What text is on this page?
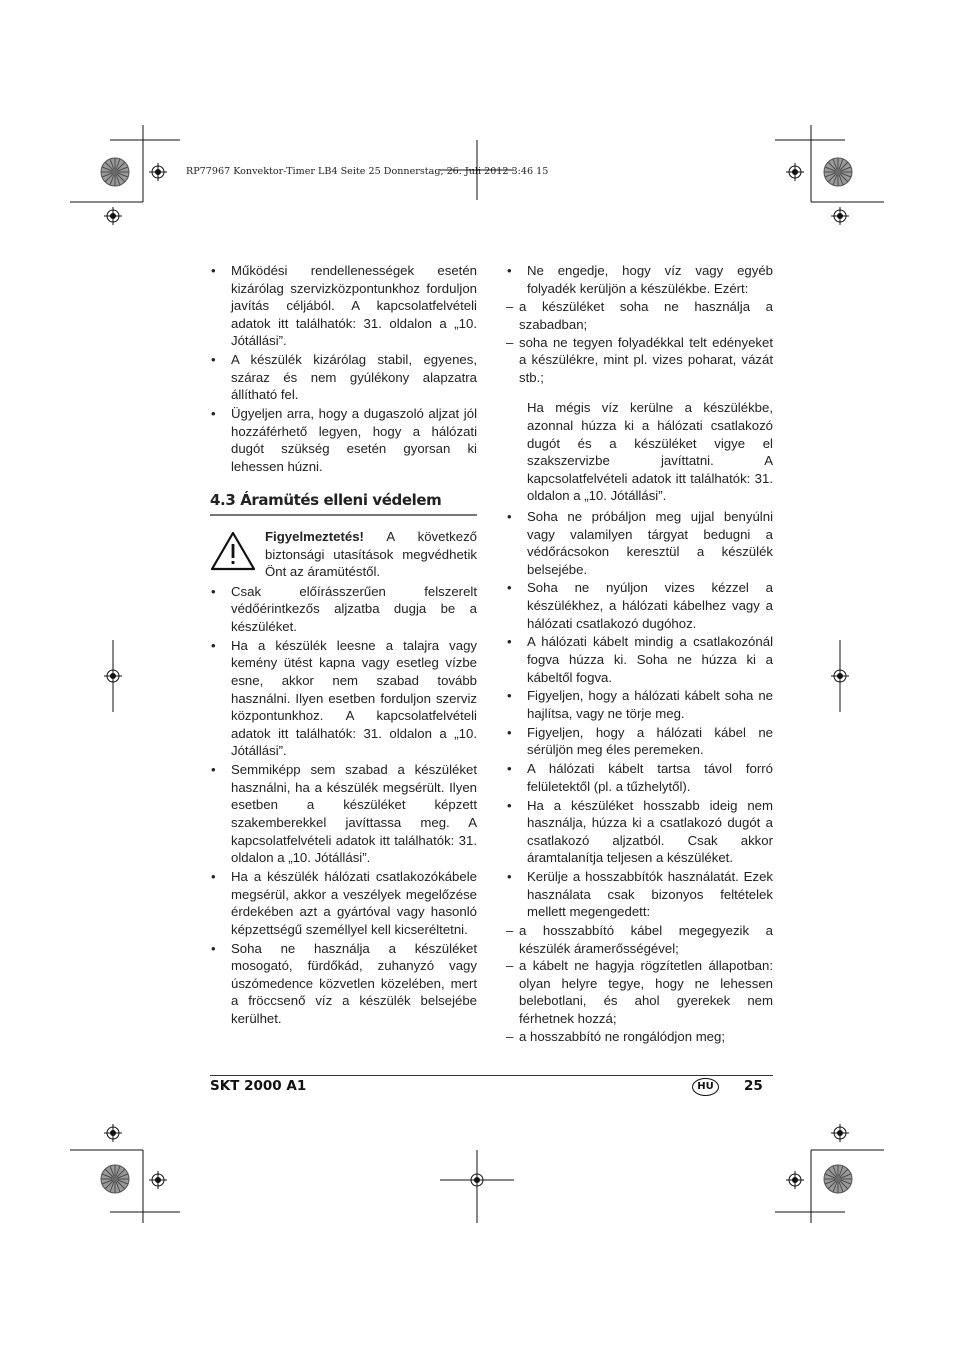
RP77967 Konvektor-Timer LB4 Seite 25 Donnerstag, 26. Juli 2012 3:46 15
• Működési rendellenességek esetén kizárólag szervizközpontunkhoz forduljon javítás céljából. A kapcsolatfelvételi adatok itt találhatók: 31. oldalon a „10. Jótállási”.
• A készülék kizárólag stabil, egyenes, száraz és nem gyúlékony alapzatra állítható fel.
• Ügyeljen arra, hogy a dugaszoló aljzat jól hozzáférhető legyen, hogy a hálózati dugót szükség esetén gyorsan ki lehessen húzni.
4.3 Áramütés elleni védelem
Figyelmeztetés! A következő biztonsági utasítások megvédhetik Önt az áramütéstől.
• Csak előírásszerűen felszerelt védőérintkezős aljzatba dugja be a készüléket.
• Ha a készülék leesne a talajra vagy kemény ütést kapna vagy esetleg vízbe esne, akkor nem szabad tovább használni. Ilyen esetben forduljon szerviz központunkhoz. A kapcsolatfelvételi adatok itt találhatók: 31. oldalon a „10. Jótállási”.
• Semmiképp sem szabad a készüléket használni, ha a készülék megsérült. Ilyen esetben a készüléket képzett szakemberekkel javíttassa meg. A kapcsolatfelvételi adatok itt találhatók: 31. oldalon a „10. Jótállási”.
• Ha a készülék hálózati csatlakozókábele megsérül, akkor a veszélyek megelőzése érdekében azt a gyártóval vagy hasonló képzettségű személlyel kell kicseréltetni.
• Soha ne használja a készüléket mosogató, fürdőkád, zuhanyzó vagy úszómedence közvetlen közelében, mert a fröccsenő víz a készülék belsejébe kerülhet.
• Ne engedje, hogy víz vagy egyéb folyadék kerüljön a készülékbe. Ezért:
– a készüléket soha ne használja a szabadban;
– soha ne tegyen folyadékkal telt edényeket a készülékre, mint pl. vizes poharat, vázát stb.;

Ha mégis víz kerülne a készülékbe, azonnal húzza ki a hálózati csatlakozó dugót és a készüléket vigye el szakszervizbe javíttatni. A kapcsolatfelvételi adatok itt találhatók: 31. oldalon a „10. Jótállási”.

• Soha ne próbáljon meg ujjal benyúlni vagy valamilyen tárgyat bedugni a védőrácsokon keresztül a készülék belsejébe.
• Soha ne nyúljon vizes kézzel a készülékhez, a hálózati kábelhez vagy a hálózati csatlakozó dugóhoz.
• A hálózati kábelt mindig a csatlakozónál fogva húzza ki. Soha ne húzza ki a kábeltől fogva.
• Figyeljen, hogy a hálózati kábelt soha ne hajlítsa, vagy ne törje meg.
• Figyeljen, hogy a hálózati kábel ne sérüljön meg éles peremeken.
• A hálózati kábelt tartsa távol forró felületektől (pl. a tűzhelytől).
• Ha a készüléket hosszabb ideig nem használja, húzza ki a csatlakozó dugót a csatlakozó aljzatból. Csak akkor áramtalanítja teljesen a készüléket.
• Kerülje a hosszabbítók használatát. Ezek használata csak bizonyos feltételek mellett megengedett:
– a hosszabbító kábel megegyezik a készülék áramerősségével;
– a kábelt ne hagyja rögzítetlen állapotban: olyan helyre tegye, hogy ne lehessen belebotlani, és ahol gyerekek nem férhetnek hozzá;
– a hosszabbító ne rongálódjon meg;
SKT 2000 A1	HU	25
